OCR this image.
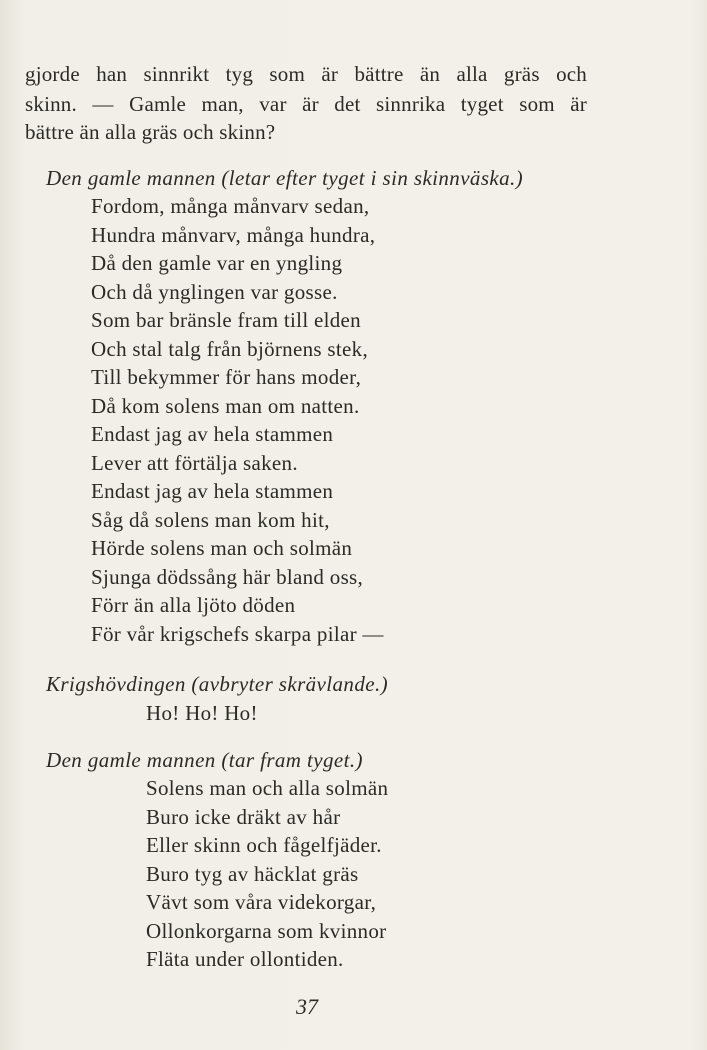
gjorde han sinnrikt tyg som är bättre än alla gräs och
skinn. — Gamle man, var är det sinnrika tyget som är
bättre än alla gräs och skinn?
Den gamle mannen (letar efter tyget i sin skinnväska.)
Fordom, många månvarv sedan,
Hundra månvarv, många hundra,
Då den gamle var en yngling
Och då ynglingen var gosse.
Som bar bränsle fram till elden
Och stal talg från björnens stek,
Till bekymmer för hans moder,
Då kom solens man om natten.
Endast jag av hela stammen
Lever att förtälja saken.
Endast jag av hela stammen
Såg då solens man kom hit,
Hörde solens man och solmän
Sjunga dödssång här bland oss,
Förr än alla ljöto döden
För vår krigschefs skarpa pilar —
Krigshövdingen (avbryter skrävlande.)
Ho! Ho! Ho!
Den gamle mannen (tar fram tyget.)
Solens man och alla solmän
Buro icke dräkt av hår
Eller skinn och fågelfjäder.
Buro tyg av häcklat gräs
Vävt som våra videkorgar,
Ollonkorgarna som kvinnor
Fläta under ollontiden.
37
